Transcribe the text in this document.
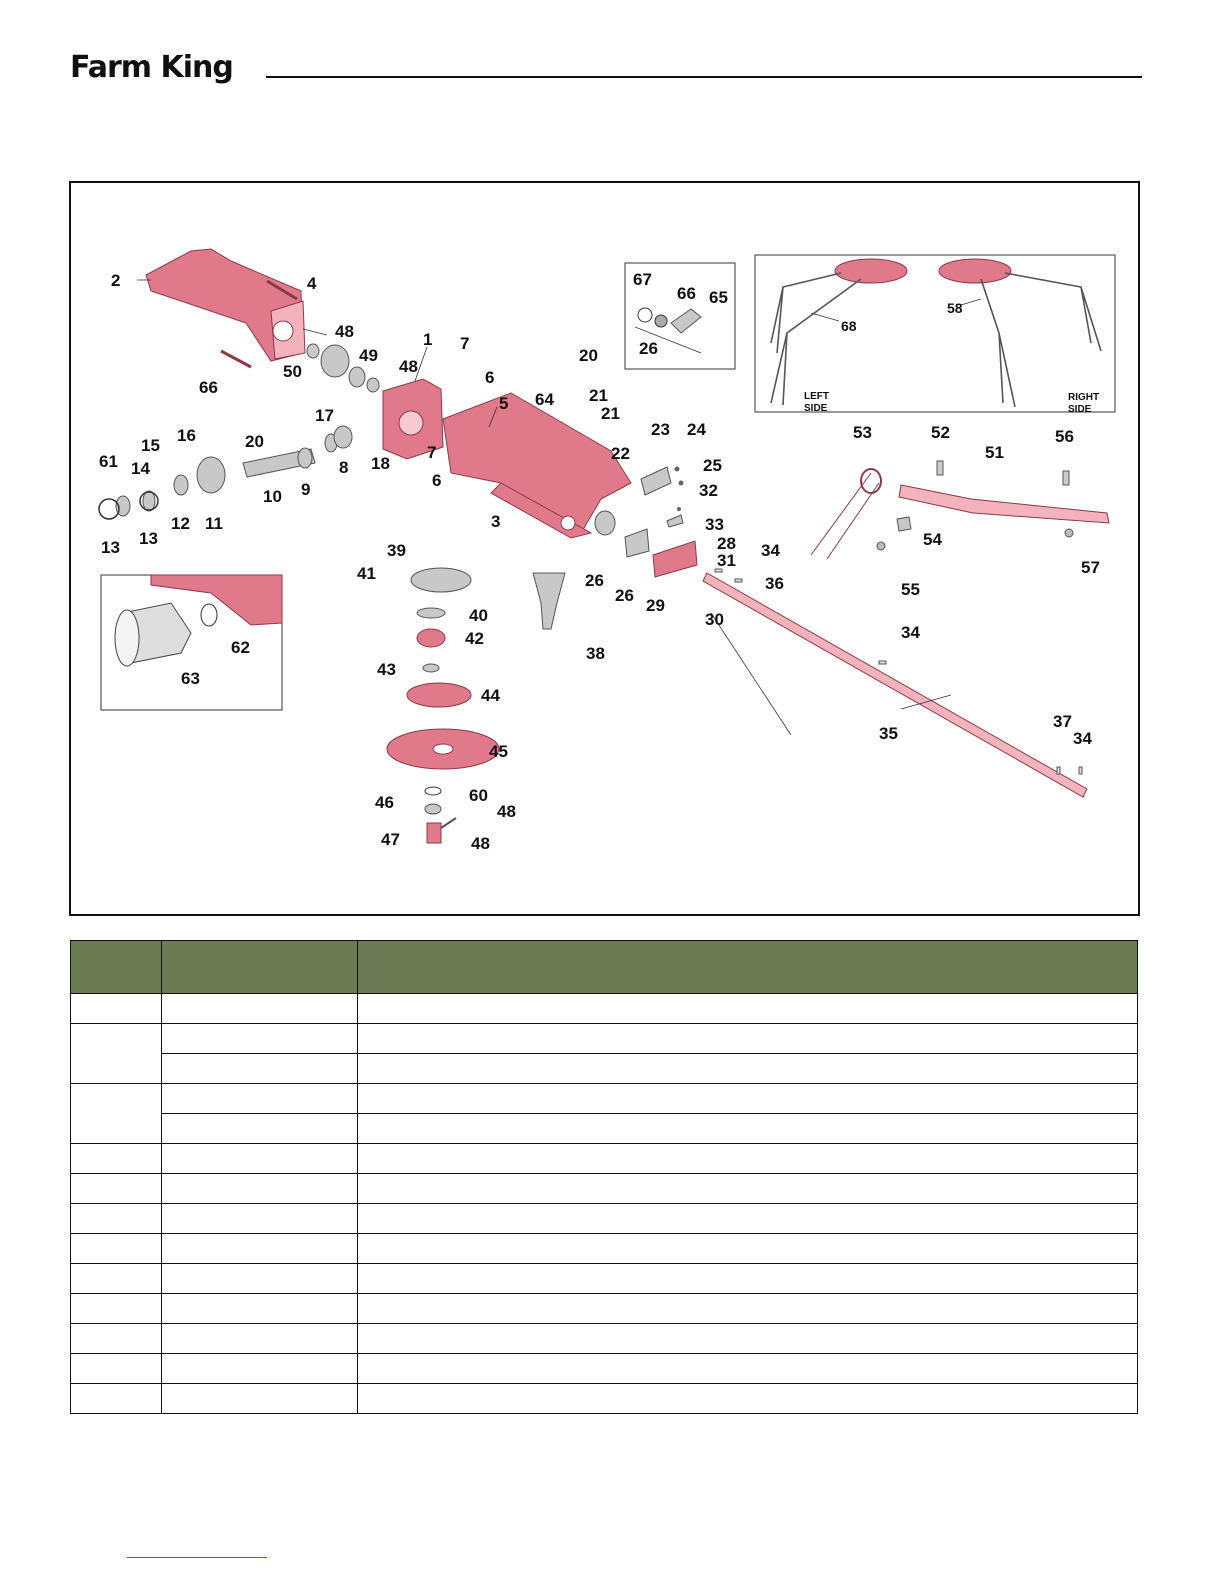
Farm King
2	4
48
49
50	48
66
1 7
6
5
7
6
17
8 18
20
9
10
11
12
13
13
14
61
15
16
3
64
20
21
21
22
23 24
25
32
33
28
31
34
36
26
26
29
30
38
39
41
40
42
43
44
45
46	60
48
47	48
35
34
37
34
53	52
51
56
54
55
57
62
63
67
66 65
26
68
58
LEFT
SIDE
RIGHT
SIDE
